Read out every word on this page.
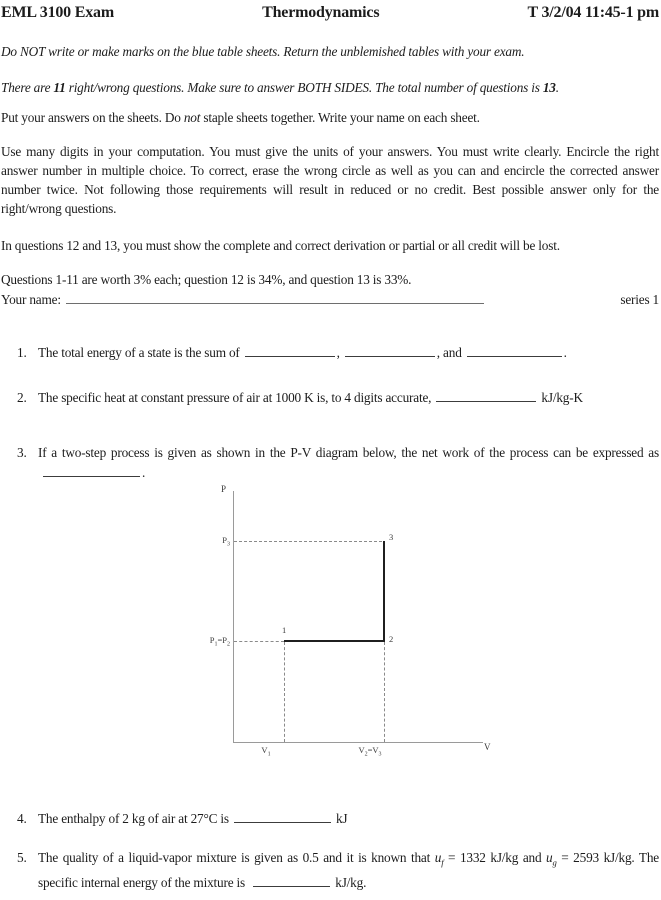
EML 3100 Exam	Thermodynamics	T 3/2/04 11:45-1 pm

Do NOT write or make marks on the blue table sheets. Return the unblemished tables with your exam.

There are 11 right/wrong questions. Make sure to answer BOTH SIDES. The total number of questions is 13.

Put your answers on the sheets. Do not staple sheets together. Write your name on each sheet.

Use many digits in your computation. You must give the units of your answers. You must write clearly. Encircle the right answer number in multiple choice. To correct, erase the wrong circle as well as you can and encircle the corrected answer number twice. Not following those requirements will result in reduced or no credit. Best possible answer only for the right/wrong questions.

In questions 12 and 13, you must show the complete and correct derivation or partial or all credit will be lost.

Questions 1-11 are worth 3% each; question 12 is 34%, and question 13 is 33%.

Your name:	series 1
1. The total energy of a state is the sum of	,	, and	.
2. The specific heat at constant pressure of air at 1000 K is, to 4 digits accurate,	kJ/kg-K
3. If a two-step process is given as shown in the P-V diagram below, the net work of the process can be expressed as.
P
V
$P_3$
$P_1=P_2$
$V_1$	$V_2=V_3$
1
2
3
4. The enthalpy of 2 kg of air at 27°C is	kJ
5. The quality of a liquid-vapor mixture is given as 0.5 and it is known that $u_f = 1332$ kJ/kg and $u_g = 2593$ kJ/kg. The specific internal energy of the mixture is	kJ/kg.
